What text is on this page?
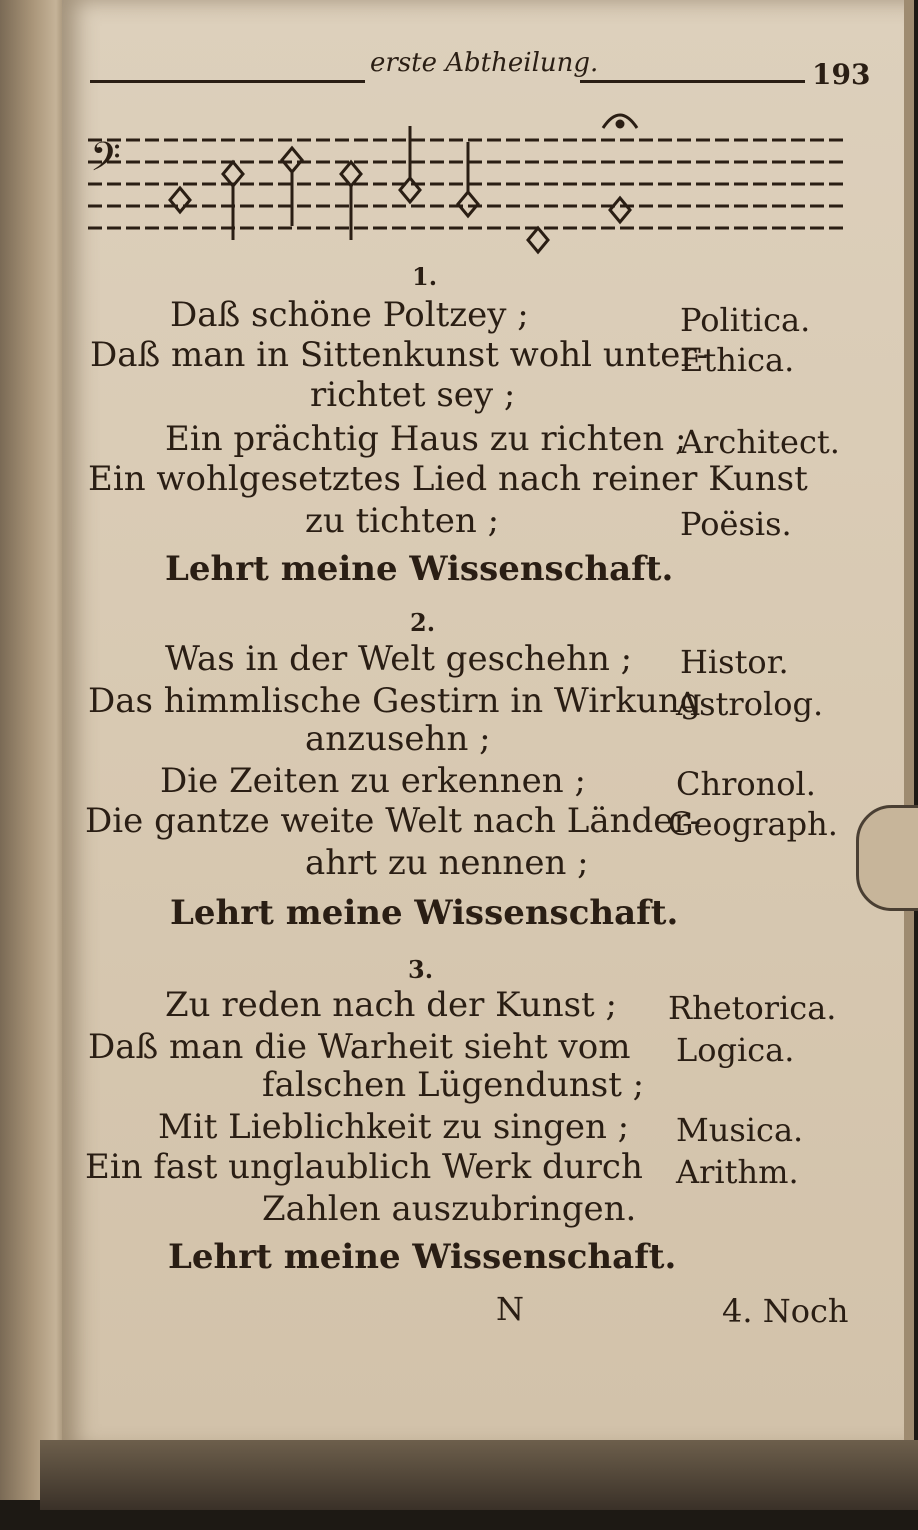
erste Abtheilung.	193
𝄢
1.
Daß schöne Poltzey ;
Daß man in Sittenkunst wohl unter-
richtet sey ;
Ein prächtig Haus zu richten ;
Ein wohlgesetztes Lied nach reiner Kunst
zu tichten ;
Lehrt meine Wissenschaft.
Politica.
Ethica.
Architect.
Poësis.
2.
Was in der Welt geschehn ;
Das himmlische Gestirn in Wirkung
anzusehn ;
Die Zeiten zu erkennen ;
Die gantze weite Welt nach Länder-
ahrt zu nennen ;
Lehrt meine Wissenschaft.
Histor.
Astrolog.
Chronol.
Geograph.
3.
Zu reden nach der Kunst ;
Daß man die Warheit sieht vom
falschen Lügendunst ;
Mit Lieblichkeit zu singen ;
Ein fast unglaublich Werk durch
Zahlen auszubringen.
Lehrt meine Wissenschaft.
Rhetorica.
Logica.
Musica.
Arithm.
N	4. Noch
